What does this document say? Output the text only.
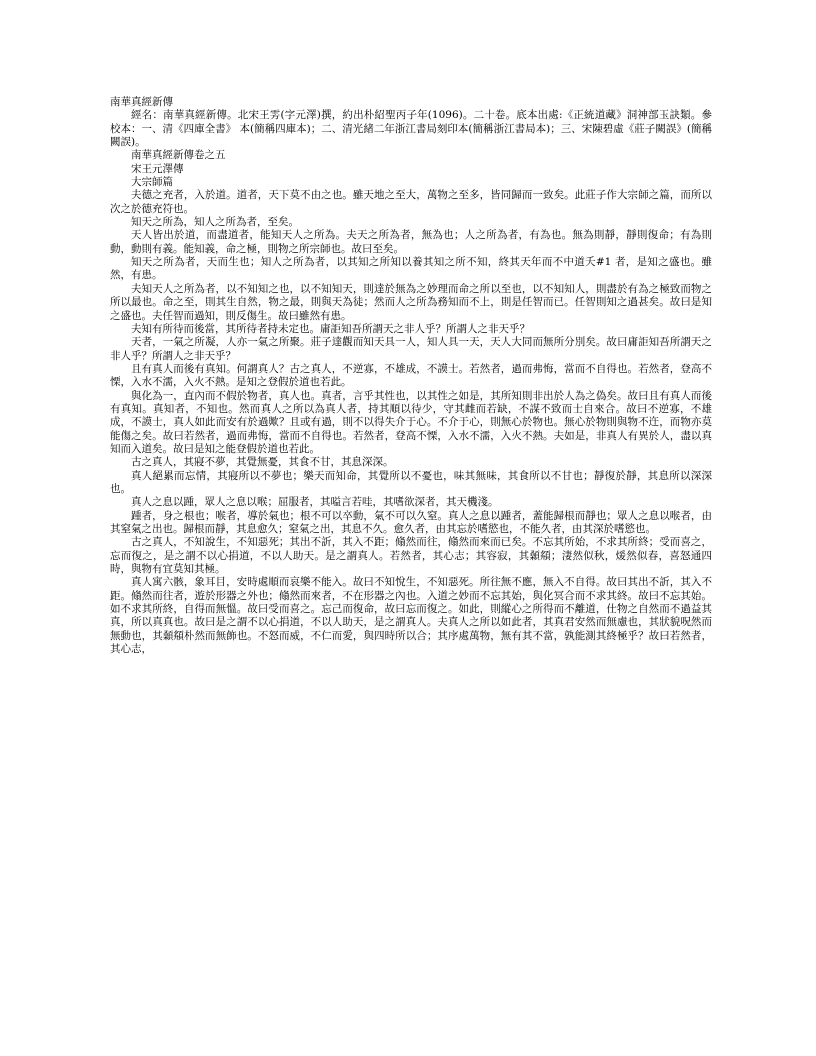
南華真經新傳

經名：南華真經新傳。北宋王雱(字元澤)撰，約出朴紹聖丙子年(1096)。二十卷。底本出處:《正統道藏》洞神部玉訣類。參校本：一、清《四庫全書》 本(簡稱四庫本)；二、清光緒二年浙江書局刻印本(簡稱浙江書局本)；三、宋陳碧虛《莊子闕誤》(簡稱闕誤)。

南華真經新傳卷之五

宋王元澤傳

大宗師篇

夫德之充者，入於道。道者，天下莫不由之也。雖天地之至大，萬物之至多，皆同歸而一致矣。此莊子作大宗師之篇，而所以次之於德充符也。

知天之所為，知人之所為者，至矣。

天人皆出於道，而盡道者，能知天人之所為。夫天之所為者，無為也；人之所為者，有為也。無為則靜，靜則復命；有為則動，動則有義。能知義，命之極，則物之所宗師也。故曰至矣。

知天之所為者，天而生也；知人之所為者，以其知之所知以養其知之所不知，終其天年而不中道夭#1 者，是知之盛也。雖然，有患。

夫知天人之所為者，以不知知之也，以不知知天，則達於無為之妙理而命之所以至也，以不知知人，則盡於有為之極致而物之所以最也。命之至，則其生自然，物之最，則與天為徒；然而人之所為務知而不上，則是任智而已。任智則知之過甚矣。故曰是知之盛也。夫任智而過知，則反傷生。故曰雖然有患。

夫知有所待而後當，其所待者持未定也。庸詎知吾所謂天之非人乎？所謂人之非天乎？

天者，一氣之所凝，人亦一氣之所聚。莊子達觀而知天具一人，知人具一天，天人大同而無所分別矣。故曰庸詎知吾所謂天之非人乎？所謂人之非天乎？

且有真人而後有真知。何謂真人？古之真人，不逆寡，不雄成，不謨士。若然者，過而弗悔，當而不自得也。若然者，登高不慄，入水不濡，入火不熱。是知之登假於道也若此。

與化為一，直內而不假於物者，真人也。真者，言乎其性也，以其性之如是，其所知則非出於人為之偽矣。故曰且有真人而後有真知。真知者，不知也。然而真人之所以為真人者，持其順以待少，守其雌而若缺，不謀不致而士自來合。故曰不逆寡，不雄成，不謨士，真人如此而安有於過歟？且或有過，則不以得失介于心。不介于心，則無心於物也。無心於物則與物不迕，而物亦莫能傷之矣。故曰若然者，過而弗悔，當而不自得也。若然者，登高不慄，入水不濡，入火不熱。夫如是，非真人有異於人，盡以真知而入道矣。故曰是知之能登假於道也若此。

古之真人，其寢不夢，其覺無憂，其食不甘，其息深深。

真人絕累而忘情，其寢所以不夢也；樂天而知命，其覺所以不憂也，味其無味，其食所以不甘也；靜復於靜，其息所以深深也。

真人之息以踵，眾人之息以喉；屈服者，其嗌言若哇，其嗜欲深者，其天機淺。

踵者，身之根也；喉者，導於氣也；根不可以卒動，氣不可以久窒。真人之息以踵者，蓋能歸根而靜也；眾人之息以喉者，由其窒氣之出也。歸根而靜，其息愈久；窒氣之出，其息不久。愈久者，由其忘於嗜慾也，不能久者，由其深於嗜慾也。

古之真人，不知說生，不知惡死；其出不訢，其入不距；翛然而往，翛然而來而已矣。不忘其所始，不求其所終；受而喜之，忘而復之，是之謂不以心捐道，不以人助天。是之謂真人。若然者，其心志；其容寂，其顙頯；淒然似秋，煖然似春，喜怒通四時，與物有宜莫知其極。

真人寓六骸，象耳目，安時處順而哀樂不能入。故曰不知悅生，不知惡死。所往無不應，無入不自得。故曰其出不訢，其入不距。翛然而往者，遊於形器之外也；翛然而來者，不在形器之內也。入道之妙而不忘其始，與化冥合而不求其終。故曰不忘其始。如不求其所終，自得而無慍。故曰受而喜之。忘己而復命，故曰忘而復之。如此，則縱心之所得而不離道，仕物之自然而不過益其真，所以真真也。故曰是之謂不以心捐道，不以人助天，是之謂真人。夫真人之所以如此者，其真君安然而無慮也，其狀貌呪然而無動也，其顙頯朴然而無飾也。不怒而威，不仁而愛，與四時所以合；其序處萬物，無有其不當，孰能測其終極乎？故曰若然者，其心志，
